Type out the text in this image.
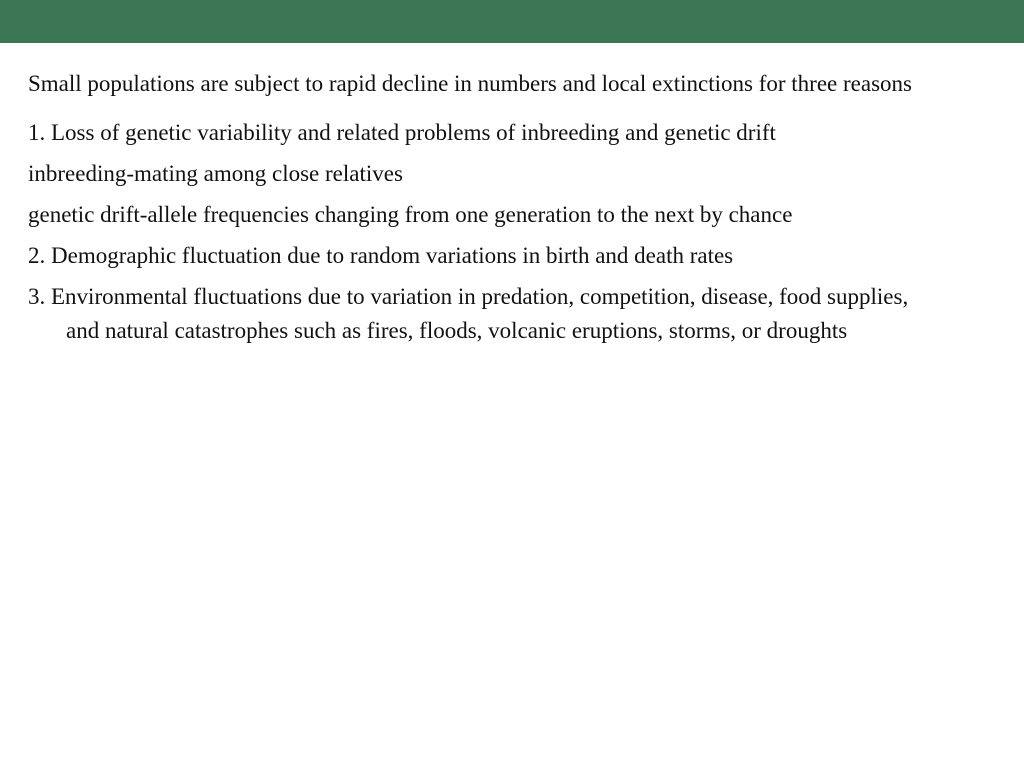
Small populations are subject to rapid decline in numbers and local extinctions for three reasons

1. Loss of genetic variability and related problems of inbreeding and genetic drift

inbreeding-mating among close relatives

genetic drift-allele frequencies changing from one generation to the next by chance

2. Demographic fluctuation due to random variations in birth and death rates

3. Environmental fluctuations due to variation in predation, competition, disease, food supplies, and natural catastrophes such as fires, floods, volcanic eruptions, storms, or droughts
